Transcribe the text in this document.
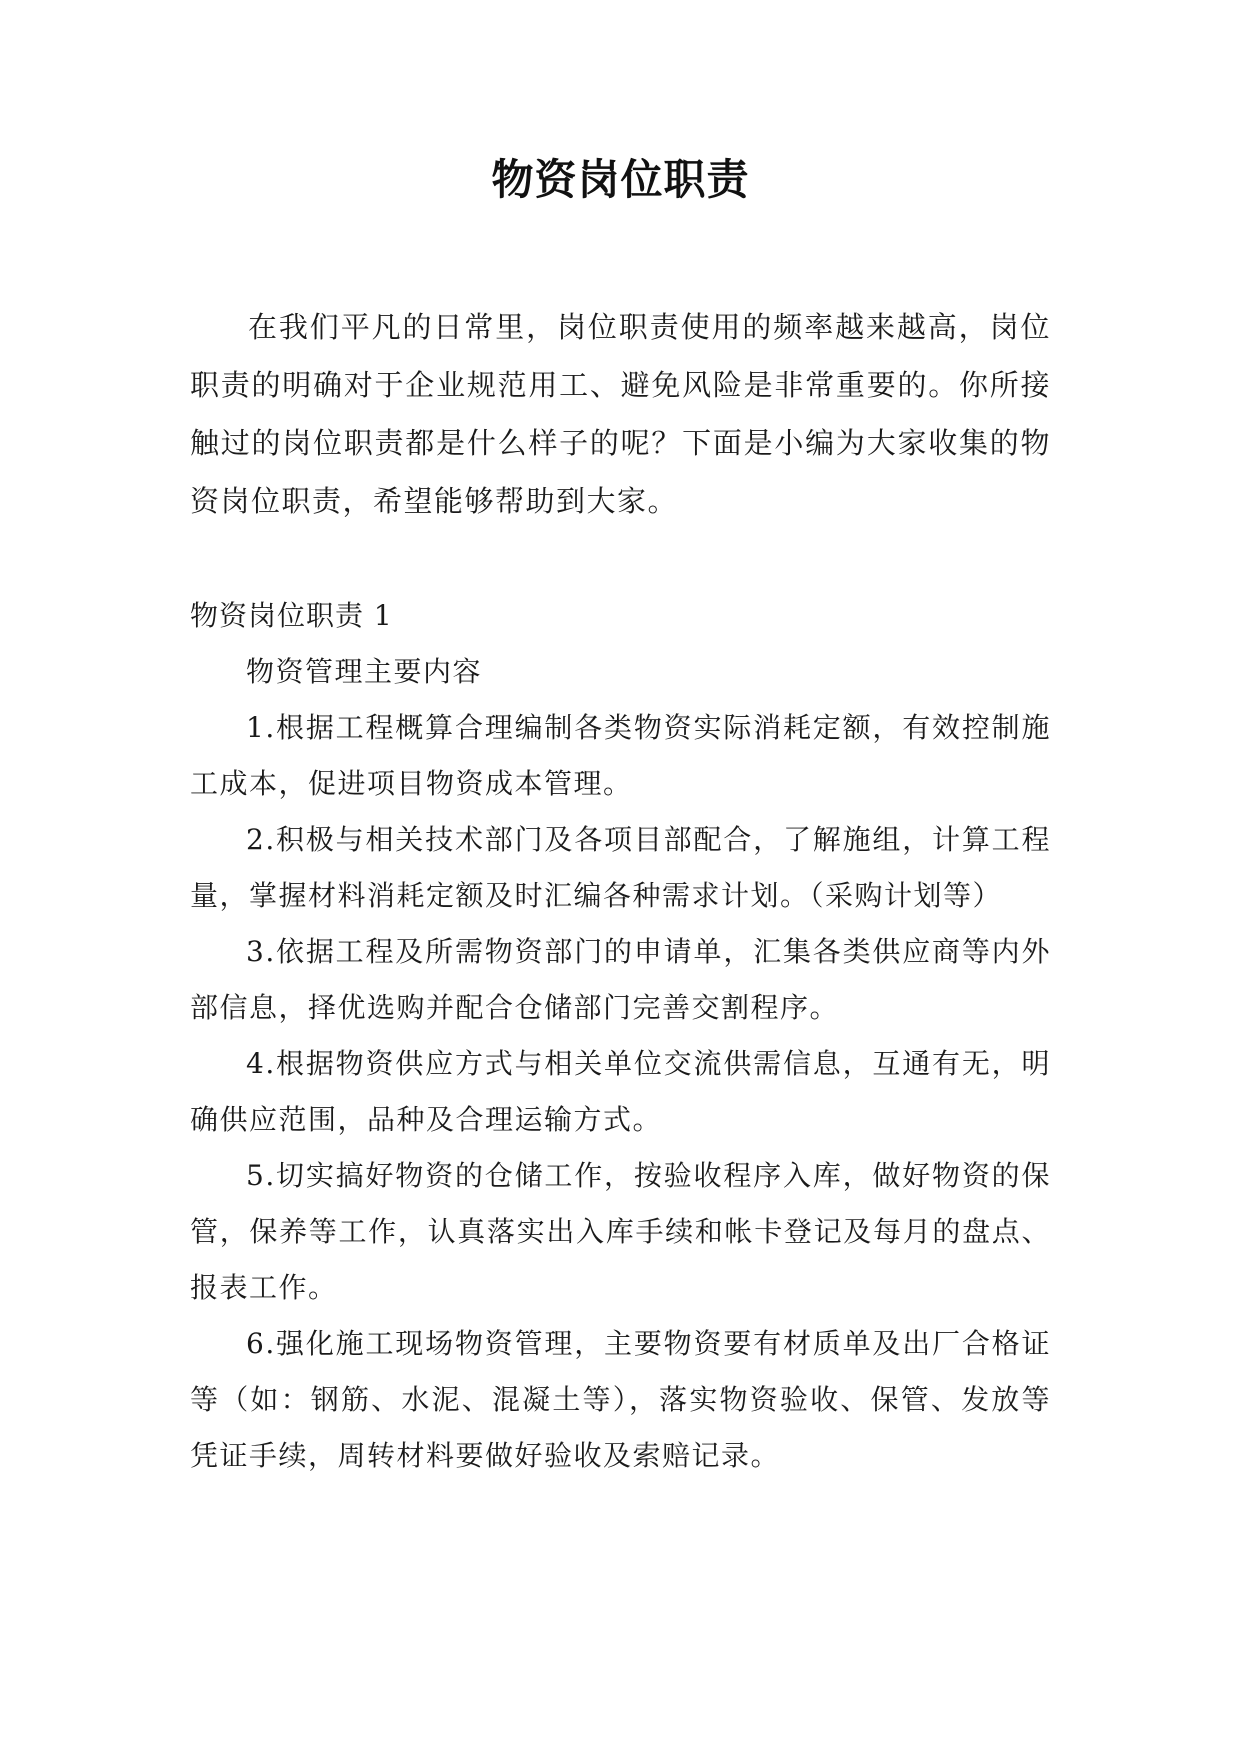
物资岗位职责

在我们平凡的日常里，岗位职责使用的频率越来越高，岗位职责的明确对于企业规范用工、避免风险是非常重要的。你所接触过的岗位职责都是什么样子的呢？下面是小编为大家收集的物资岗位职责，希望能够帮助到大家。

物资岗位职责 1

物资管理主要内容

1.根据工程概算合理编制各类物资实际消耗定额，有效控制施工成本，促进项目物资成本管理。

2.积极与相关技术部门及各项目部配合，了解施组，计算工程量，掌握材料消耗定额及时汇编各种需求计划。（采购计划等）

3.依据工程及所需物资部门的申请单，汇集各类供应商等内外部信息，择优选购并配合仓储部门完善交割程序。

4.根据物资供应方式与相关单位交流供需信息，互通有无，明确供应范围，品种及合理运输方式。

5.切实搞好物资的仓储工作，按验收程序入库，做好物资的保管，保养等工作，认真落实出入库手续和帐卡登记及每月的盘点、报表工作。

6.强化施工现场物资管理，主要物资要有材质单及出厂合格证等（如：钢筋、水泥、混凝土等），落实物资验收、保管、发放等凭证手续，周转材料要做好验收及索赔记录。
